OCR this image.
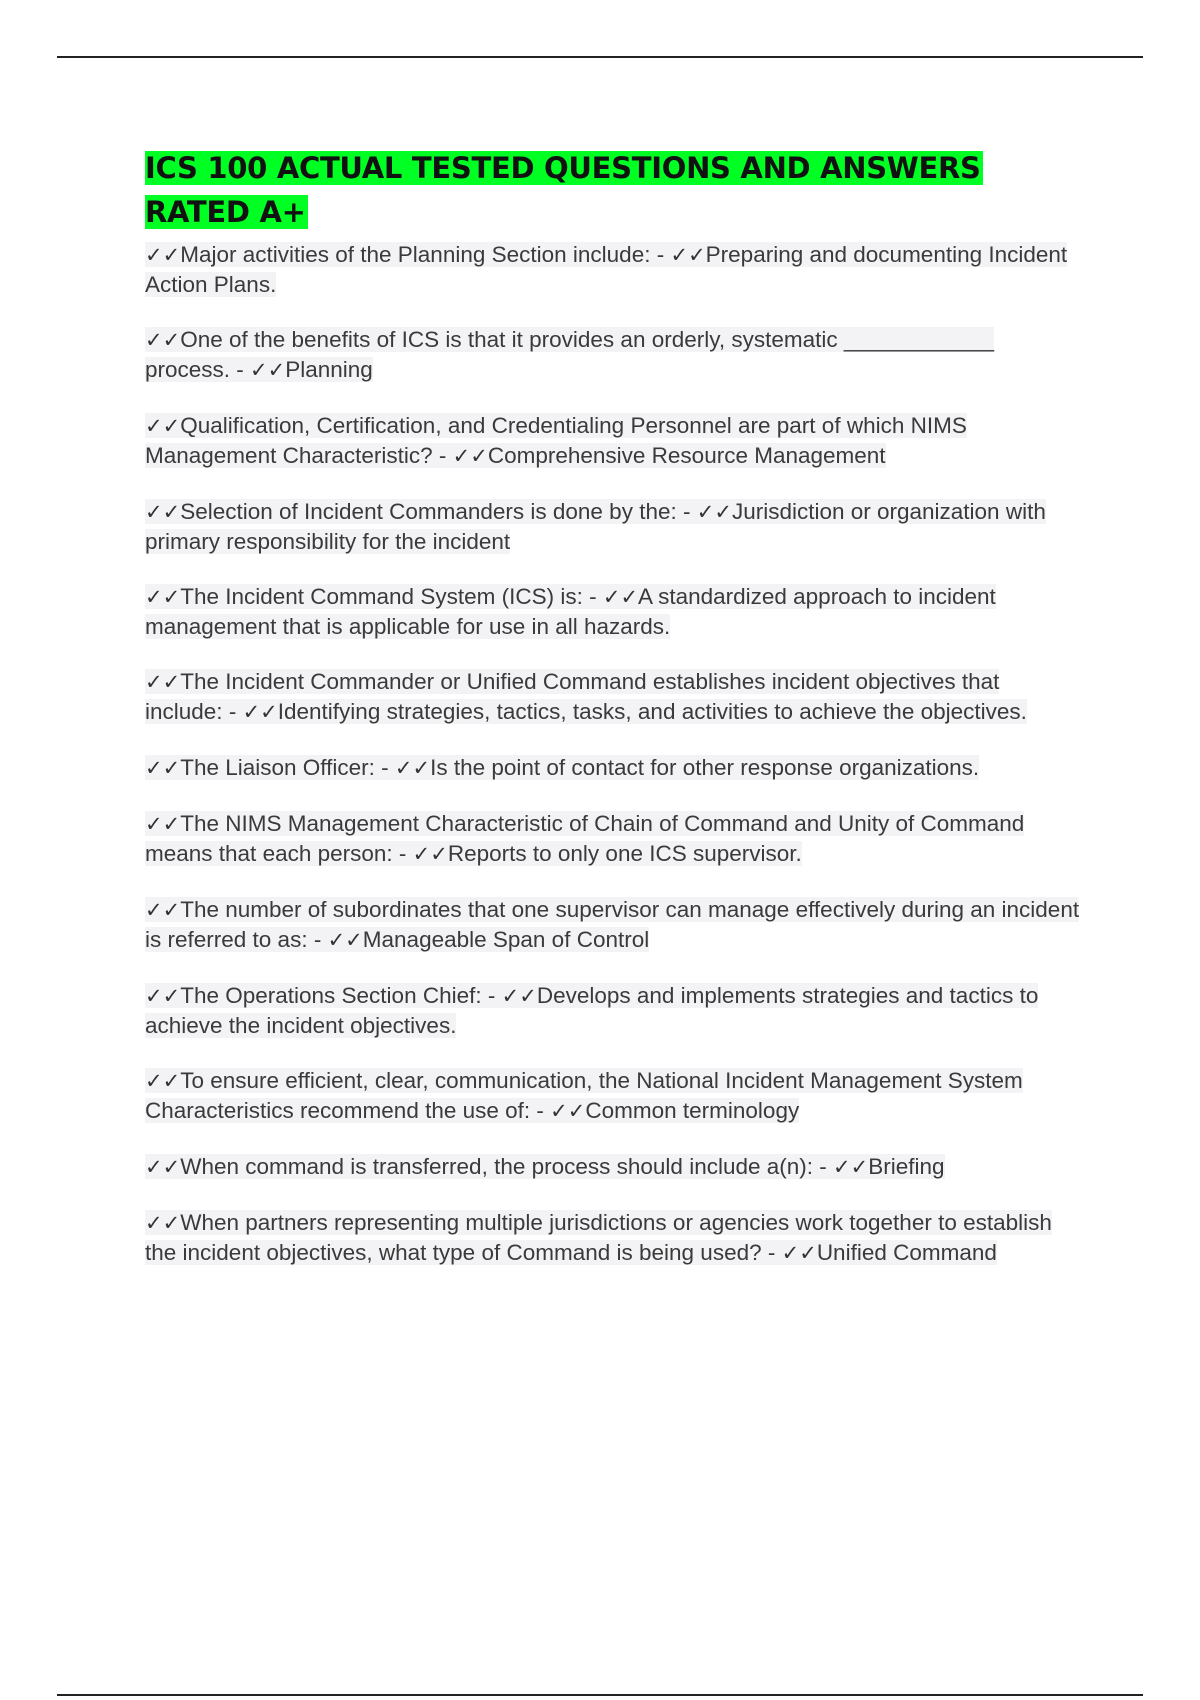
ICS 100 ACTUAL TESTED QUESTIONS AND ANSWERS RATED A+

✓✓Major activities of the Planning Section include: - ✓✓Preparing and documenting Incident Action Plans.

✓✓One of the benefits of ICS is that it provides an orderly, systematic ____________ process. - ✓✓Planning

✓✓Qualification, Certification, and Credentialing Personnel are part of which NIMS Management Characteristic? - ✓✓Comprehensive Resource Management

✓✓Selection of Incident Commanders is done by the: - ✓✓Jurisdiction or organization with primary responsibility for the incident

✓✓The Incident Command System (ICS) is: - ✓✓A standardized approach to incident management that is applicable for use in all hazards.

✓✓The Incident Commander or Unified Command establishes incident objectives that include: - ✓✓Identifying strategies, tactics, tasks, and activities to achieve the objectives.

✓✓The Liaison Officer: - ✓✓Is the point of contact for other response organizations.

✓✓The NIMS Management Characteristic of Chain of Command and Unity of Command means that each person: - ✓✓Reports to only one ICS supervisor.

✓✓The number of subordinates that one supervisor can manage effectively during an incident is referred to as: - ✓✓Manageable Span of Control

✓✓The Operations Section Chief: - ✓✓Develops and implements strategies and tactics to achieve the incident objectives.

✓✓To ensure efficient, clear, communication, the National Incident Management System Characteristics recommend the use of: - ✓✓Common terminology

✓✓When command is transferred, the process should include a(n): - ✓✓Briefing

✓✓When partners representing multiple jurisdictions or agencies work together to establish the incident objectives, what type of Command is being used? - ✓✓Unified Command
